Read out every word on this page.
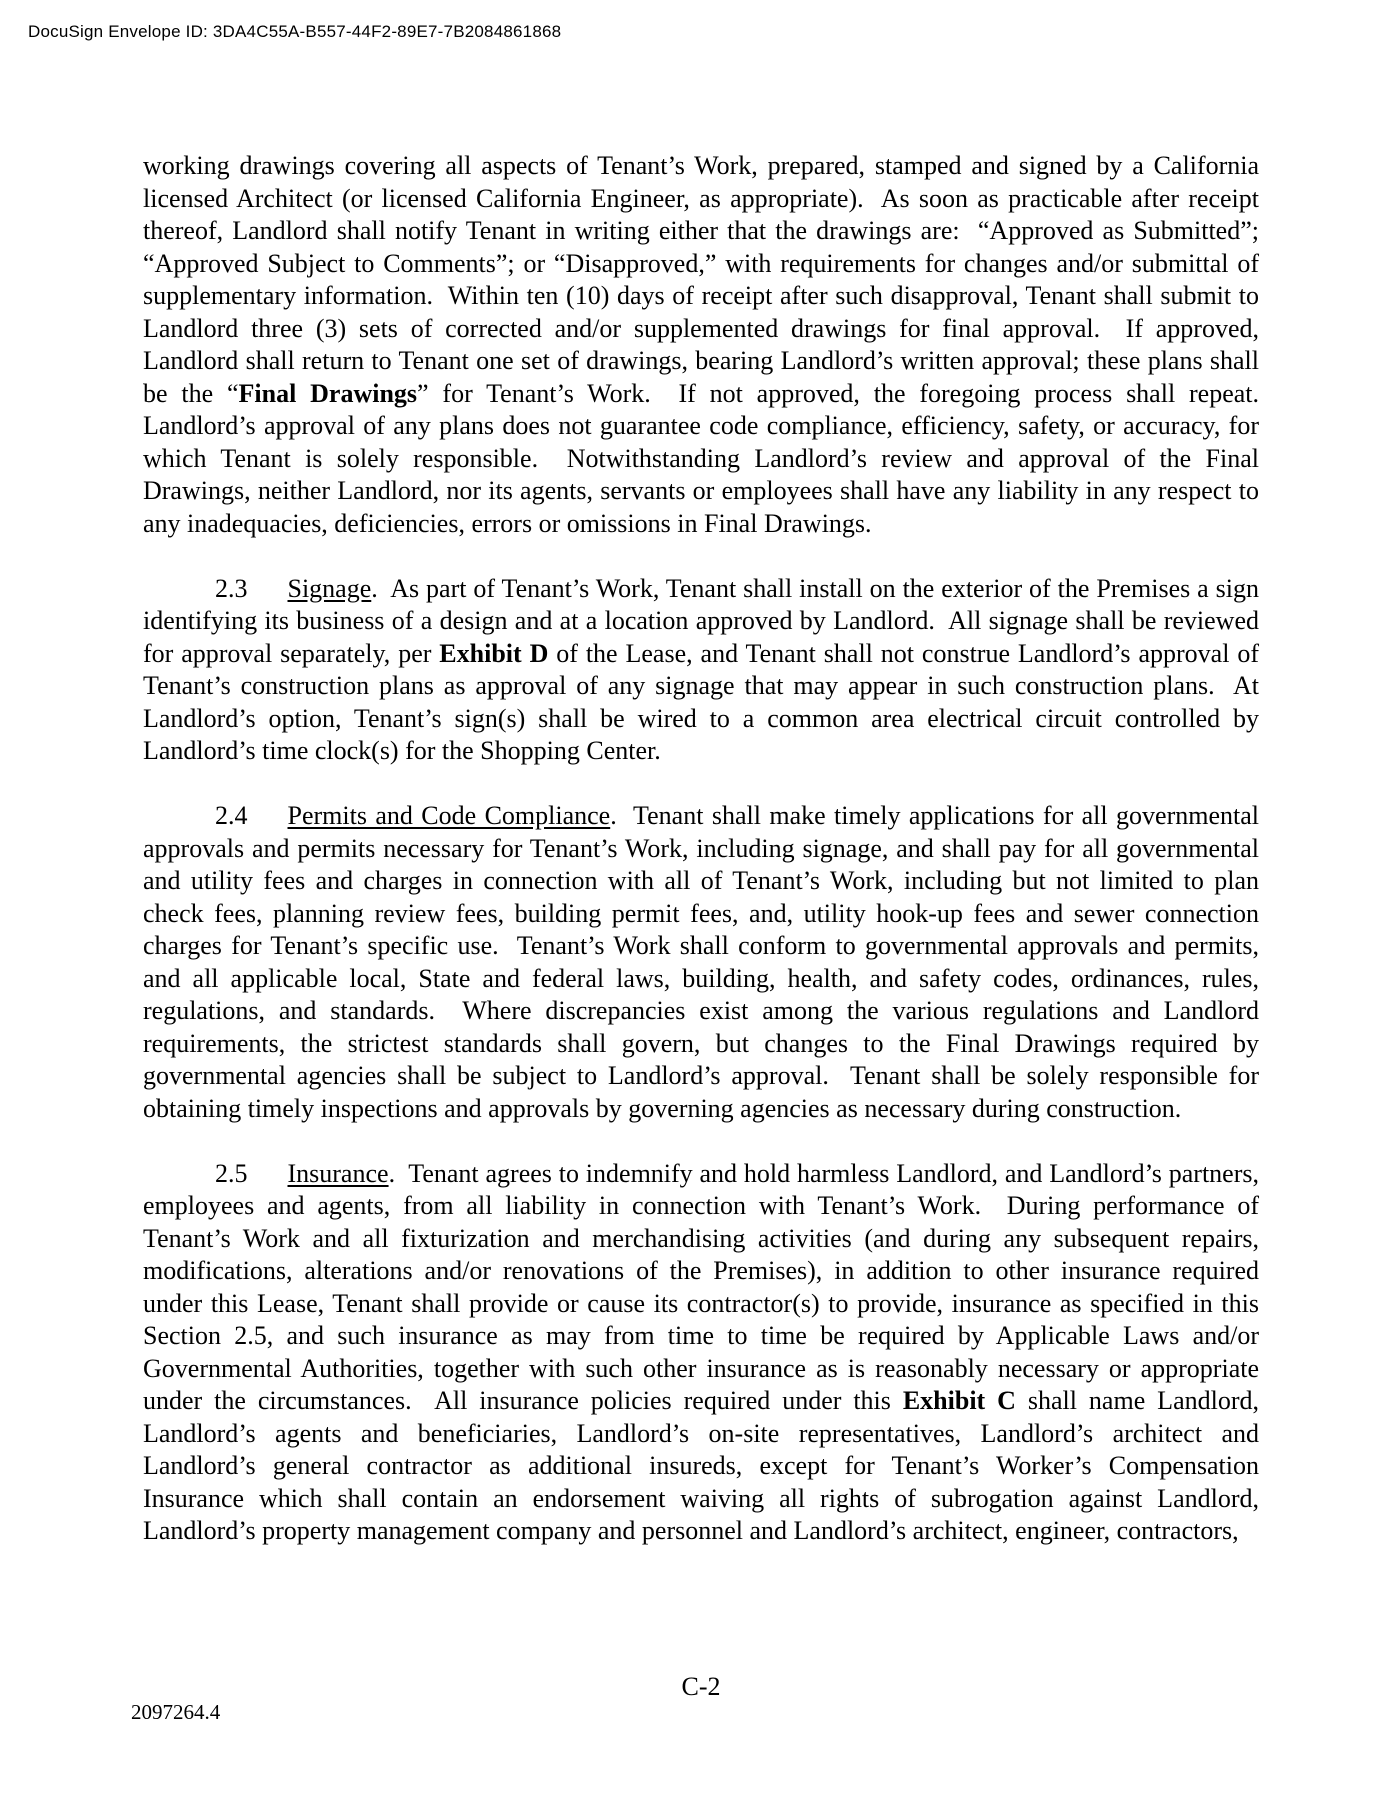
DocuSign Envelope ID: 3DA4C55A-B557-44F2-89E7-7B2084861868

working drawings covering all aspects of Tenant’s Work, prepared, stamped and signed by a California licensed Architect (or licensed California Engineer, as appropriate).  As soon as practicable after receipt thereof, Landlord shall notify Tenant in writing either that the drawings are:  “Approved as Submitted”; “Approved Subject to Comments”; or “Disapproved,” with requirements for changes and/or submittal of supplementary information.  Within ten (10) days of receipt after such disapproval, Tenant shall submit to Landlord three (3) sets of corrected and/or supplemented drawings for final approval.  If approved, Landlord shall return to Tenant one set of drawings, bearing Landlord’s written approval; these plans shall be the “Final Drawings” for Tenant’s Work.  If not approved, the foregoing process shall repeat.  Landlord’s approval of any plans does not guarantee code compliance, efficiency, safety, or accuracy, for which Tenant is solely responsible.  Notwithstanding Landlord’s review and approval of the Final Drawings, neither Landlord, nor its agents, servants or employees shall have any liability in any respect to any inadequacies, deficiencies, errors or omissions in Final Drawings.

2.3 Signage.  As part of Tenant’s Work, Tenant shall install on the exterior of the Premises a sign identifying its business of a design and at a location approved by Landlord.  All signage shall be reviewed for approval separately, per Exhibit D of the Lease, and Tenant shall not construe Landlord’s approval of Tenant’s construction plans as approval of any signage that may appear in such construction plans.  At Landlord’s option, Tenant’s sign(s) shall be wired to a common area electrical circuit controlled by Landlord’s time clock(s) for the Shopping Center.

2.4 Permits and Code Compliance.  Tenant shall make timely applications for all governmental approvals and permits necessary for Tenant’s Work, including signage, and shall pay for all governmental and utility fees and charges in connection with all of Tenant’s Work, including but not limited to plan check fees, planning review fees, building permit fees, and, utility hook-up fees and sewer connection charges for Tenant’s specific use.  Tenant’s Work shall conform to governmental approvals and permits, and all applicable local, State and federal laws, building, health, and safety codes, ordinances, rules, regulations, and standards.  Where discrepancies exist among the various regulations and Landlord requirements, the strictest standards shall govern, but changes to the Final Drawings required by governmental agencies shall be subject to Landlord’s approval.  Tenant shall be solely responsible for obtaining timely inspections and approvals by governing agencies as necessary during construction.

2.5 Insurance.  Tenant agrees to indemnify and hold harmless Landlord, and Landlord’s partners, employees and agents, from all liability in connection with Tenant’s Work.  During performance of Tenant’s Work and all fixturization and merchandising activities (and during any subsequent repairs, modifications, alterations and/or renovations of the Premises), in addition to other insurance required under this Lease, Tenant shall provide or cause its contractor(s) to provide, insurance as specified in this Section 2.5, and such insurance as may from time to time be required by Applicable Laws and/or Governmental Authorities, together with such other insurance as is reasonably necessary or appropriate under the circumstances.  All insurance policies required under this Exhibit C shall name Landlord, Landlord’s agents and beneficiaries, Landlord’s on-site representatives, Landlord’s architect and Landlord’s general contractor as additional insureds, except for Tenant’s Worker’s Compensation Insurance which shall contain an endorsement waiving all rights of subrogation against Landlord, Landlord’s property management company and personnel and Landlord’s architect, engineer, contractors,

C-2
2097264.4
